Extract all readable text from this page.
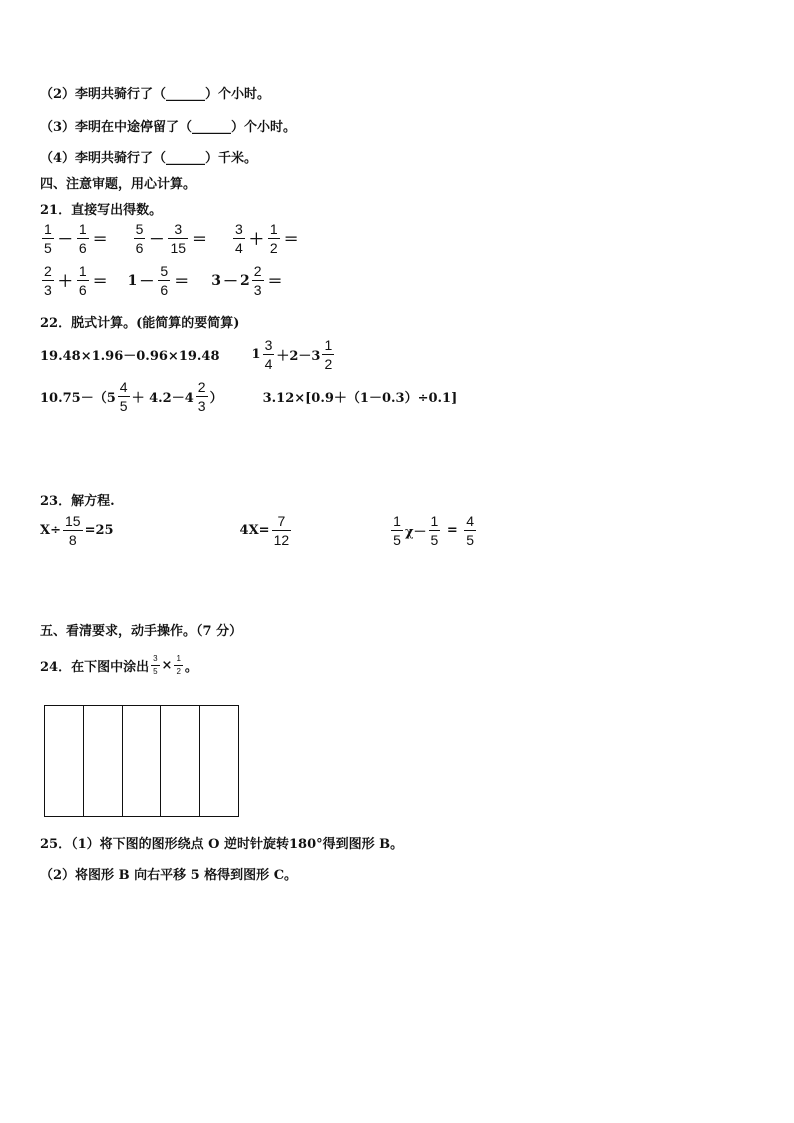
（2）李明共骑行了（______）个小时。
（3）李明在中途停留了（______）个小时。
（4）李明共骑行了（______）千米。
四、注意审题，用心计算。
21．直接写出得数。
$\frac{1}{5} - \frac{1}{6} = \frac{5}{6} - \frac{3}{15} = \frac{3}{4} + \frac{1}{2}$ ＝
$\frac{2}{3} + \frac{1}{6} = 1 - \frac{5}{6} = 3 - 2 \frac{2}{3}$ ＝
22．脱式计算。(能简算的要简算)
19.48×1.96－0.96×19.48 $1 \frac{3}{4} +2-3 \frac{1}{2}$
$10.75-(5 \frac{4}{5} + 4.2-4 \frac{2}{3}$ ）	3.12×[0.9＋（1－0.3）÷0.1]
23．解方程.
$X\div \frac{15}{8} =25$	$4X= \frac{7}{12}$	$\frac{1}{5} \chi- \frac{1}{5} = \frac{4}{5}$
五、看清要求，动手操作。（7 分）
24．在下图中涂出 $\frac{3}{5} \times \frac{1}{2}$ 。
25．（1）将下图的图形绕点 O 逆时针旋转180°得到图形 B。
（2）将图形 B 向右平移 5 格得到图形 C。
